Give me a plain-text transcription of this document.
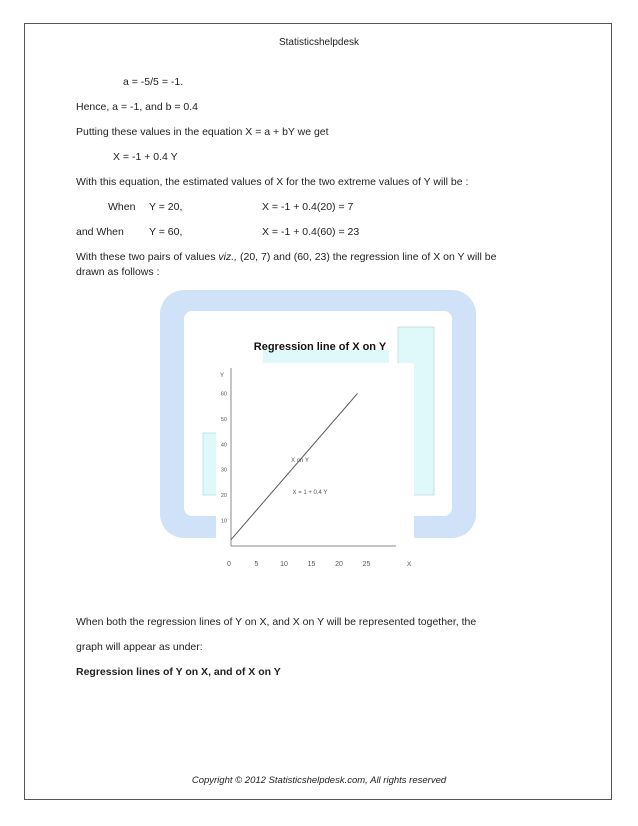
Statisticshelpdesk
a = -5/5 = -1.
Hence, a = -1, and b = 0.4
Putting these values in the equation X = a + bY we get
X = -1 + 0.4 Y
With this equation, the estimated values of X for the two extreme values of Y will be :
When Y = 20,	X = -1 + 0.4(20) = 7
and When Y = 60,	X = -1 + 0.4(60) = 23
With these two pairs of values viz., (20, 7) and (60, 23) the regression line of X on Y will be
drawn as follows :
Regression line of X on Y
Y
X
0	5	10	15	20	25
10
20
30
40
50
60
X on Y
X = 1 + 0.4 Y
When both the regression lines of Y on X, and X on Y will be represented together, the
graph will appear as under:
Regression lines of Y on X, and of X on Y
Copyright © 2012 Statisticshelpdesk.com, All rights reserved
